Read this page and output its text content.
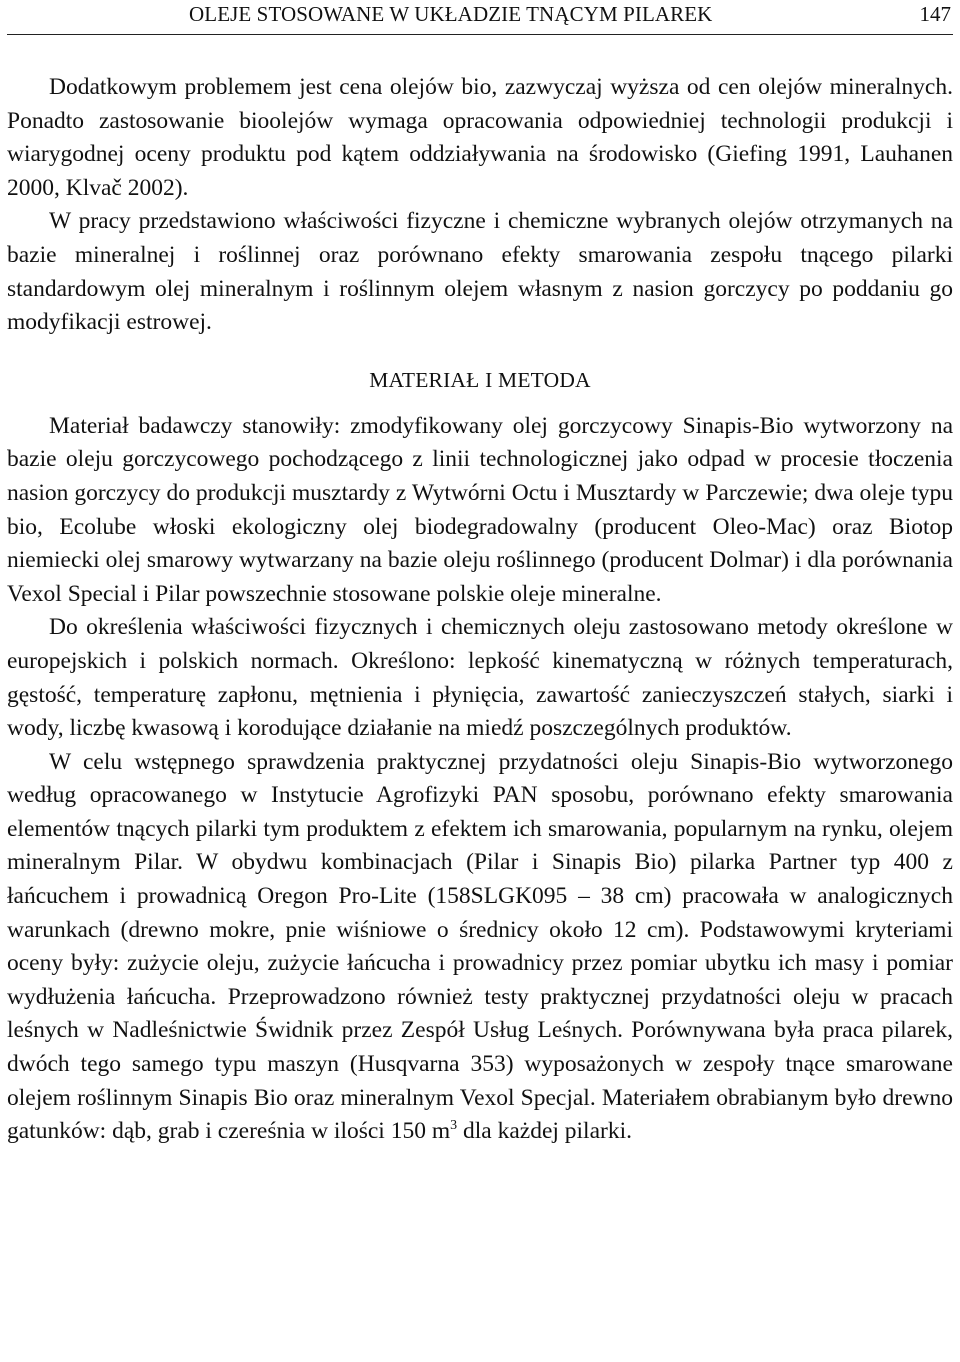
OLEJE STOSOWANE W UKŁADZIE TNĄCYM PILAREK	147

Dodatkowym problemem jest cena olejów bio, zazwyczaj wyższa od cen olejów mineralnych. Ponadto zastosowanie bioolejów wymaga opracowania odpowiedniej technologii produkcji i wiarygodnej oceny produktu pod kątem oddziaływania na środowisko (Giefing 1991, Lauhanen 2000, Klvač 2002).

W pracy przedstawiono właściwości fizyczne i chemiczne wybranych olejów otrzymanych na bazie mineralnej i roślinnej oraz porównano efekty smarowania zespołu tnącego pilarki standardowym olej mineralnym i roślinnym olejem własnym z nasion gorczycy po poddaniu go modyfikacji estrowej.

MATERIAŁ I METODA

Materiał badawczy stanowiły: zmodyfikowany olej gorczycowy Sinapis-Bio wytworzony na bazie oleju gorczycowego pochodzącego z linii technologicznej jako odpad w procesie tłoczenia nasion gorczycy do produkcji musztardy z Wytwórni Octu i Musztardy w Parczewie; dwa oleje typu bio, Ecolube włoski ekologiczny olej biodegradowalny (producent Oleo-Mac) oraz Biotop niemiecki olej smarowy wytwarzany na bazie oleju roślinnego (producent Dolmar) i dla porównania Vexol Special i Pilar powszechnie stosowane polskie oleje mineralne.

Do określenia właściwości fizycznych i chemicznych oleju zastosowano metody określone w europejskich i polskich normach. Określono: lepkość kinematyczną w różnych temperaturach, gęstość, temperaturę zapłonu, mętnienia i płynięcia, zawartość zanieczyszczeń stałych, siarki i wody, liczbę kwasową i korodujące działanie na miedź poszczególnych produktów.

W celu wstępnego sprawdzenia praktycznej przydatności oleju Sinapis-Bio wytworzonego według opracowanego w Instytucie Agrofizyki PAN sposobu, porównano efekty smarowania elementów tnących pilarki tym produktem z efektem ich smarowania, popularnym na rynku, olejem mineralnym Pilar. W obydwu kombinacjach (Pilar i Sinapis Bio) pilarka Partner typ 400 z łańcuchem i prowadnicą Oregon Pro-Lite (158SLGK095 – 38 cm) pracowała w analogicznych warunkach (drewno mokre, pnie wiśniowe o średnicy około 12 cm). Podstawowymi kryteriami oceny były: zużycie oleju, zużycie łańcucha i prowadnicy przez pomiar ubytku ich masy i pomiar wydłużenia łańcucha. Przeprowadzono również testy praktycznej przydatności oleju w pracach leśnych w Nadleśnictwie Świdnik przez Zespół Usług Leśnych. Porównywana była praca pilarek, dwóch tego samego typu maszyn (Husqvarna 353) wyposażonych w zespoły tnące smarowane olejem roślinnym Sinapis Bio oraz mineralnym Vexol Specjal. Materiałem obrabianym było drewno gatunków: dąb, grab i czereśnia w ilości 150 $m^3$ dla każdej pilarki.
